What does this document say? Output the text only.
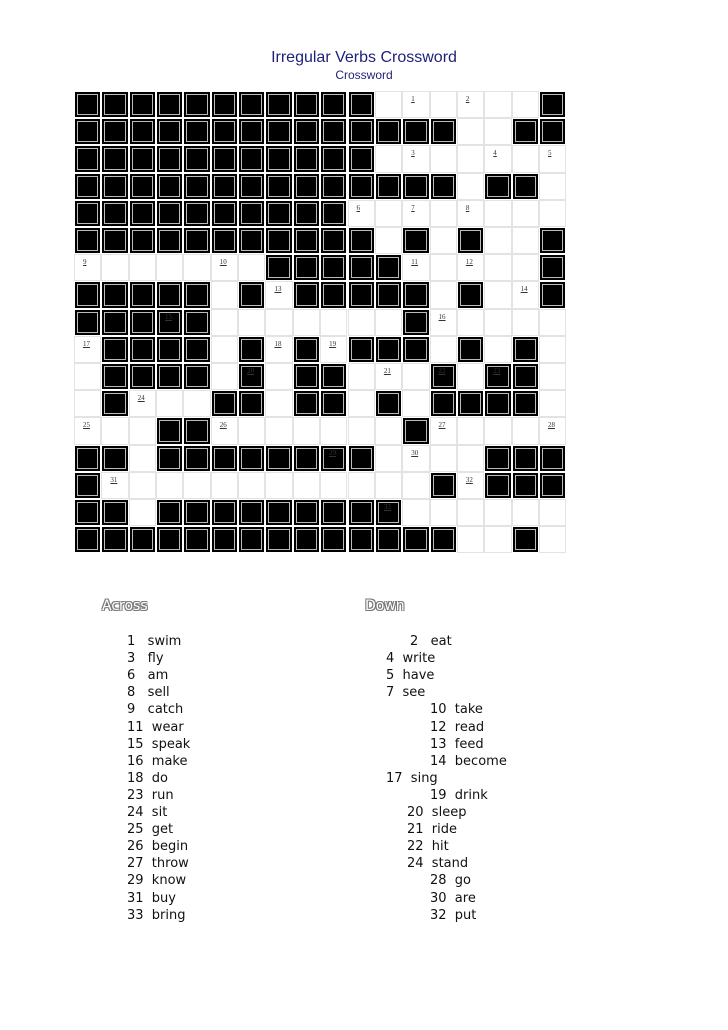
Irregular Verbs Crossword
Crossword
1	2
3	4	5
6	7	8
9	10	11	12
13	14
15	16
17	18	19
20	21	22	23
24
25	26	27	28
29	30
31	32
33
Across	Down
1   swim
3   fly
6   am
8   sell
9   catch
11  wear
15  speak
16  make
18  do
23  run
24  sit
25  get
26  begin
27  throw
29  know
31  buy
33  bring
2   eat
4  write
5  have
7  see
10  take
12  read
13  feed
14  become
17  sing
19  drink
20  sleep
21  ride
22  hit
24  stand
28  go
30  are
32  put
